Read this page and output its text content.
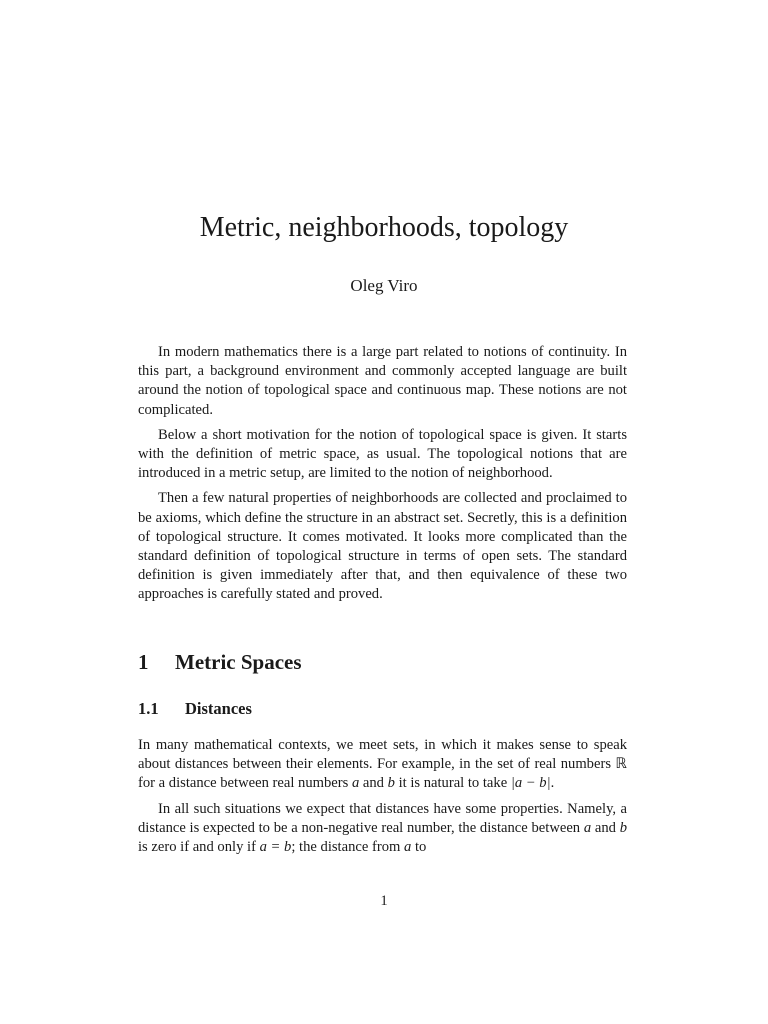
Metric, neighborhoods, topology
Oleg Viro

In modern mathematics there is a large part related to notions of continuity. In this part, a background environment and commonly accepted language are built around the notion of topological space and continuous map. These notions are not complicated.

Below a short motivation for the notion of topological space is given. It starts with the definition of metric space, as usual. The topological notions that are introduced in a metric setup, are limited to the notion of neighborhood.

Then a few natural properties of neighborhoods are collected and proclaimed to be axioms, which define the structure in an abstract set. Secretly, this is a definition of topological structure. It comes motivated. It looks more complicated than the standard definition of topological structure in terms of open sets. The standard definition is given immediately after that, and then equivalence of these two approaches is carefully stated and proved.

1 Metric Spaces
1.1 Distances

In many mathematical contexts, we meet sets, in which it makes sense to speak about distances between their elements. For example, in the set of real numbers ℝ for a distance between real numbers a and b it is natural to take |a − b|.

In all such situations we expect that distances have some properties. Namely, a distance is expected to be a non-negative real number, the distance between a and b is zero if and only if a = b; the distance from a to

1
